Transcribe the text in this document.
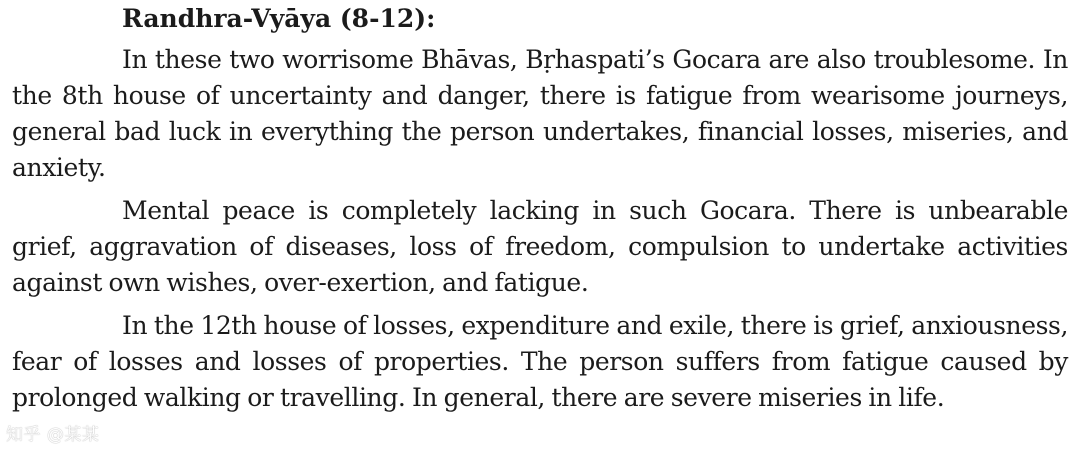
Randhra-Vyāya (8-12):

In these two worrisome Bhāvas, Bṛhaspati’s Gocara are also troublesome. In the 8th house of uncertainty and danger, there is fatigue from wearisome journeys, general bad luck in everything the person undertakes, financial losses, miseries, and anxiety.

Mental peace is completely lacking in such Gocara. There is unbearable grief, aggravation of diseases, loss of freedom, compulsion to undertake activities against own wishes, over-exertion, and fatigue.

In the 12th house of losses, expenditure and exile, there is grief, anxiousness, fear of losses and losses of properties. The person suffers from fatigue caused by prolonged walking or travelling. In general, there are severe miseries in life.

知乎 @某某
